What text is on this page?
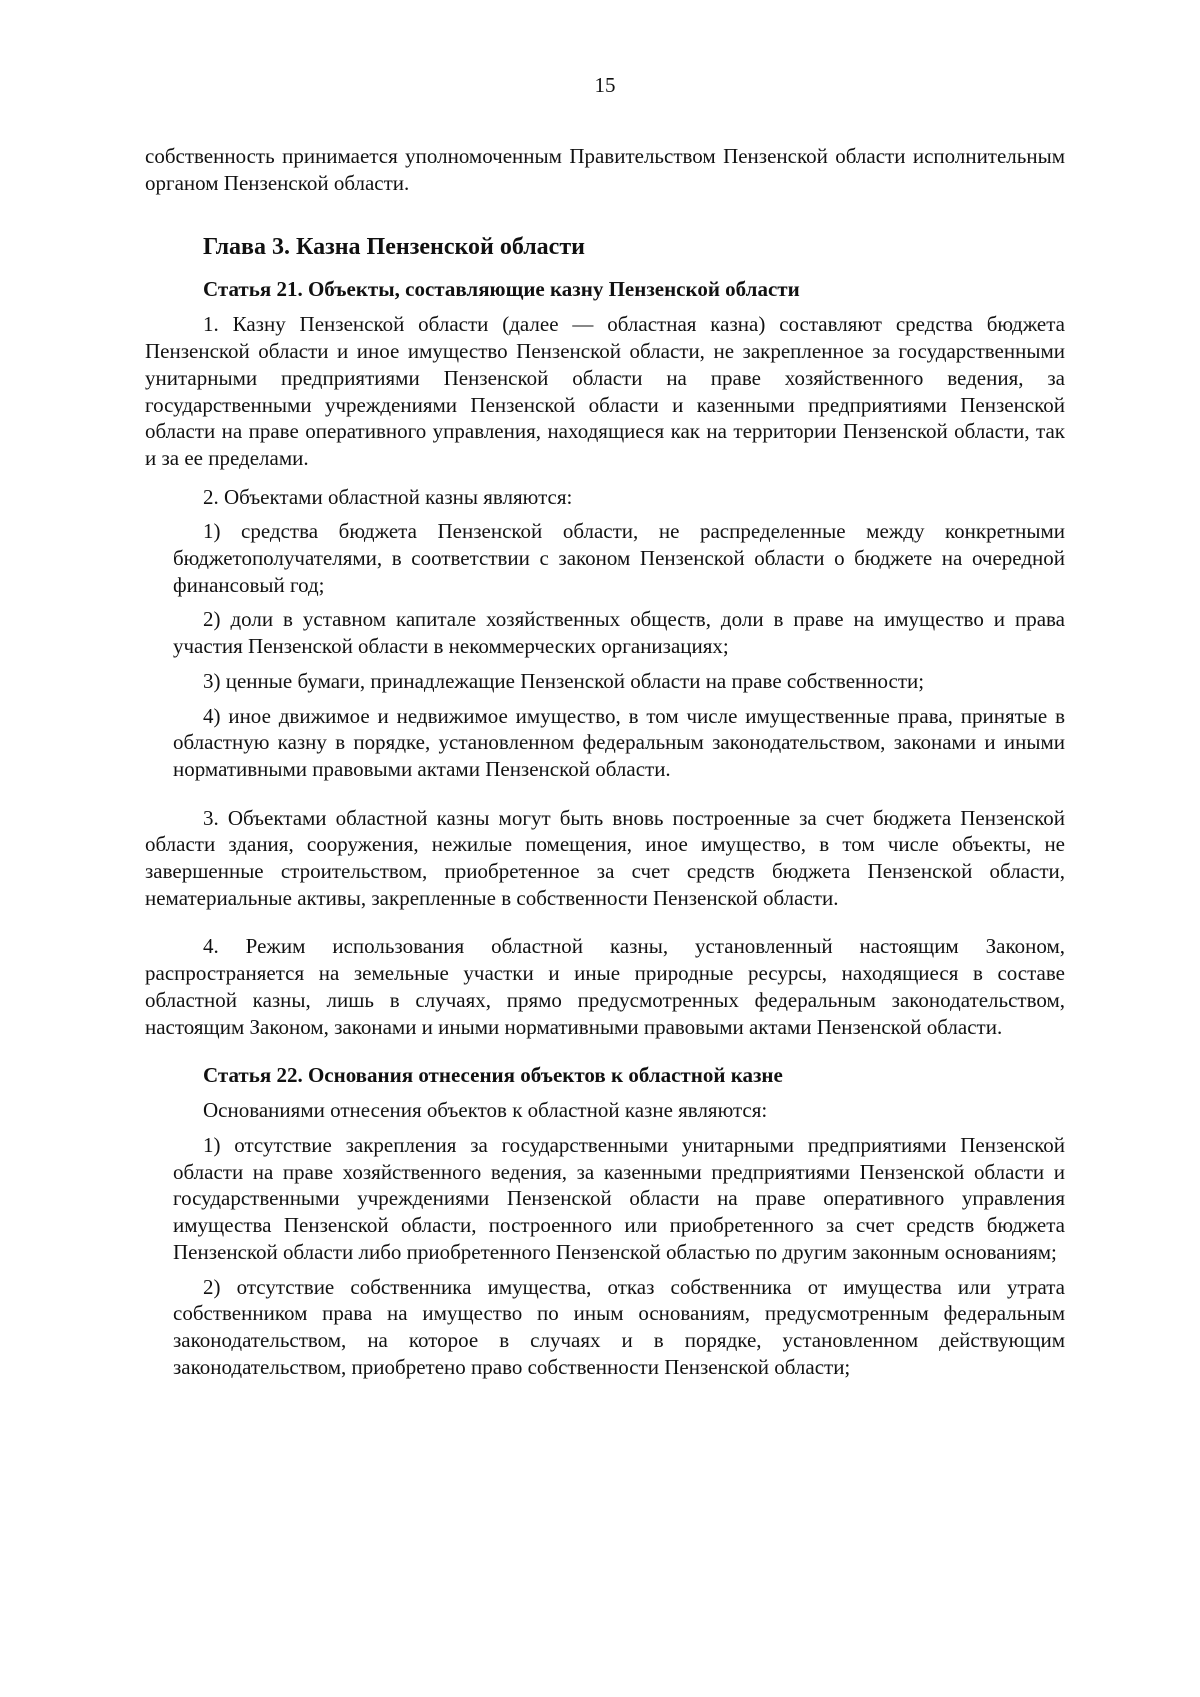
15

собственность принимается уполномоченным Правительством Пензенской области исполнительным органом Пензенской области.

Глава 3. Казна Пензенской области
Статья 21. Объекты, составляющие казну Пензенской области

1. Казну Пензенской области (далее — областная казна) составляют средства бюджета Пензенской области и иное имущество Пензенской области, не закрепленное за государственными унитарными предприятиями Пензенской области на праве хозяйственного ведения, за государственными учреждениями Пензенской области и казенными предприятиями Пензенской области на праве оперативного управления, находящиеся как на территории Пензенской области, так и за ее пределами.

2. Объектами областной казны являются:

1) средства бюджета Пензенской области, не распределенные между конкретными бюджетополучателями, в соответствии с законом Пензенской области о бюджете на очередной финансовый год;

2) доли в уставном капитале хозяйственных обществ, доли в праве на имущество и права участия Пензенской области в некоммерческих организациях;

3) ценные бумаги, принадлежащие Пензенской области на праве собственности;

4) иное движимое и недвижимое имущество, в том числе имущественные права, принятые в областную казну в порядке, установленном федеральным законодательством, законами и иными нормативными правовыми актами Пензенской области.

3. Объектами областной казны могут быть вновь построенные за счет бюджета Пензенской области здания, сооружения, нежилые помещения, иное имущество, в том числе объекты, не завершенные строительством, приобретенное за счет средств бюджета Пензенской области, нематериальные активы, закрепленные в собственности Пензенской области.

4. Режим использования областной казны, установленный настоящим Законом, распространяется на земельные участки и иные природные ресурсы, находящиеся в составе областной казны, лишь в случаях, прямо предусмотренных федеральным законодательством, настоящим Законом, законами и иными нормативными правовыми актами Пензенской области.

Статья 22. Основания отнесения объектов к областной казне

Основаниями отнесения объектов к областной казне являются:

1) отсутствие закрепления за государственными унитарными предприятиями Пензенской области на праве хозяйственного ведения, за казенными предприятиями Пензенской области и государственными учреждениями Пензенской области на праве оперативного управления имущества Пензенской области, построенного или приобретенного за счет средств бюджета Пензенской области либо приобретенного Пензенской областью по другим законным основаниям;

2) отсутствие собственника имущества, отказ собственника от имущества или утрата собственником права на имущество по иным основаниям, предусмотренным федеральным законодательством, на которое в случаях и в порядке, установленном действующим законодательством, приобретено право собственности Пензенской области;
